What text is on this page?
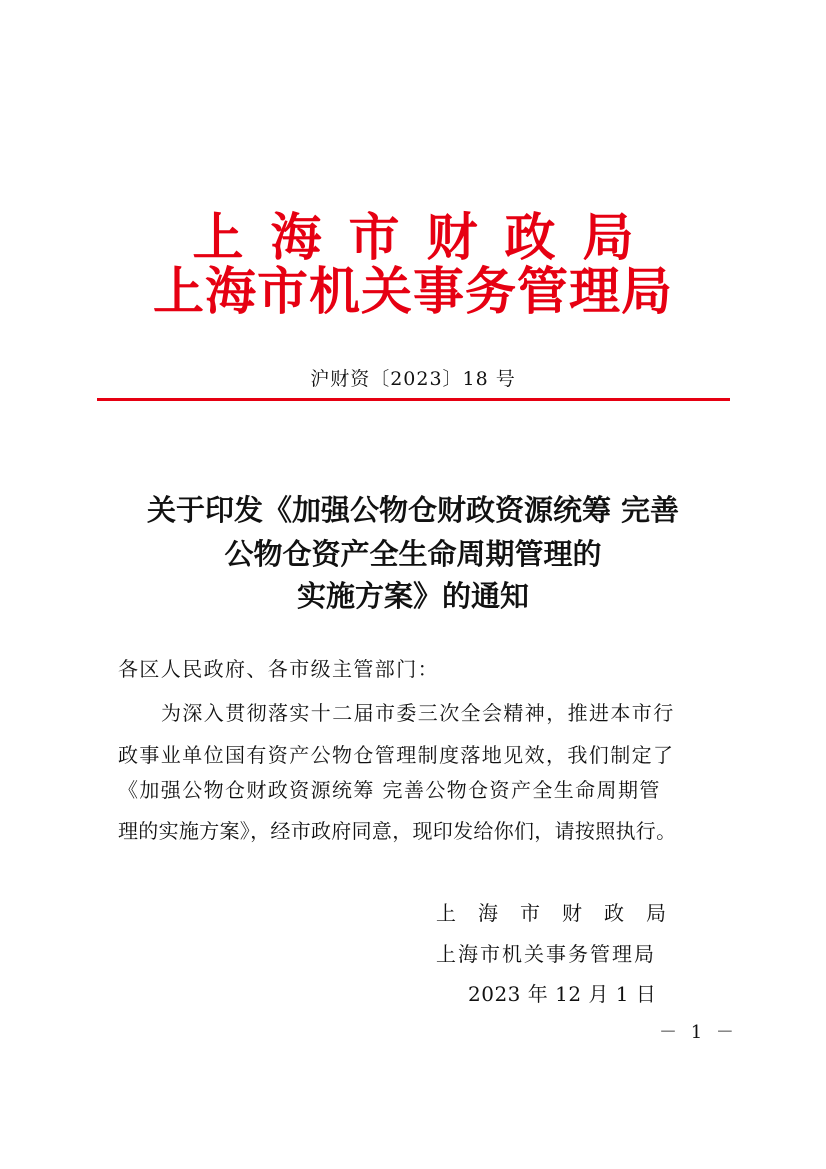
上海市财政局
上海市机关事务管理局
沪财资〔2023〕18 号
关于印发《加强公物仓财政资源统筹 完善
公物仓资产全生命周期管理的
实施方案》的通知
各区人民政府、各市级主管部门：
为深入贯彻落实十二届市委三次全会精神，推进本市行
政事业单位国有资产公物仓管理制度落地见效，我们制定了
《加强公物仓财政资源统筹 完善公物仓资产全生命周期管
理的实施方案》，经市政府同意，现印发给你们，请按照执行。
上海市财政局
上海市机关事务管理局
2023 年 12 月 1 日
－ 1 －
